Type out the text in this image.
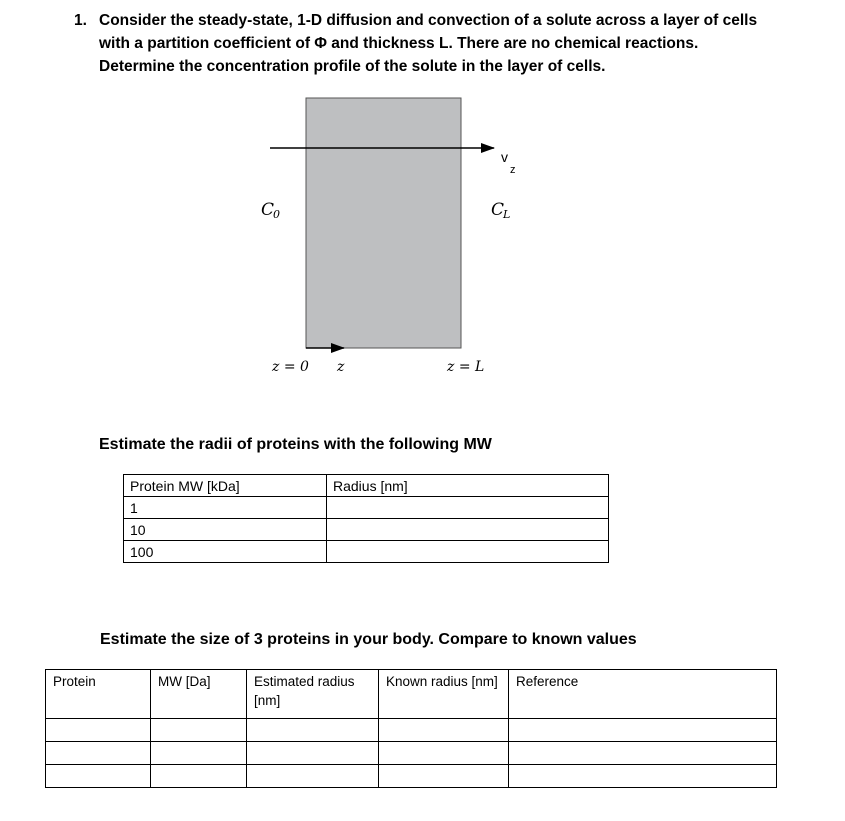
1. Consider the steady-state, 1-D diffusion and convection of a solute across a layer of cells
with a partition coefficient of Φ and thickness L. There are no chemical reactions.
Determine the concentration profile of the solute in the layer of cells.
v
z
C
0	C
L
z = 0 z	z = L
Estimate the radii of proteins with the following MW
Protein MW [kDa]	Radius [nm]
1	
10	
100	
Estimate the size of 3 proteins in your body. Compare to known values
Protein	MW [Da]	Estimated radius [nm]	Known radius [nm]	Reference
